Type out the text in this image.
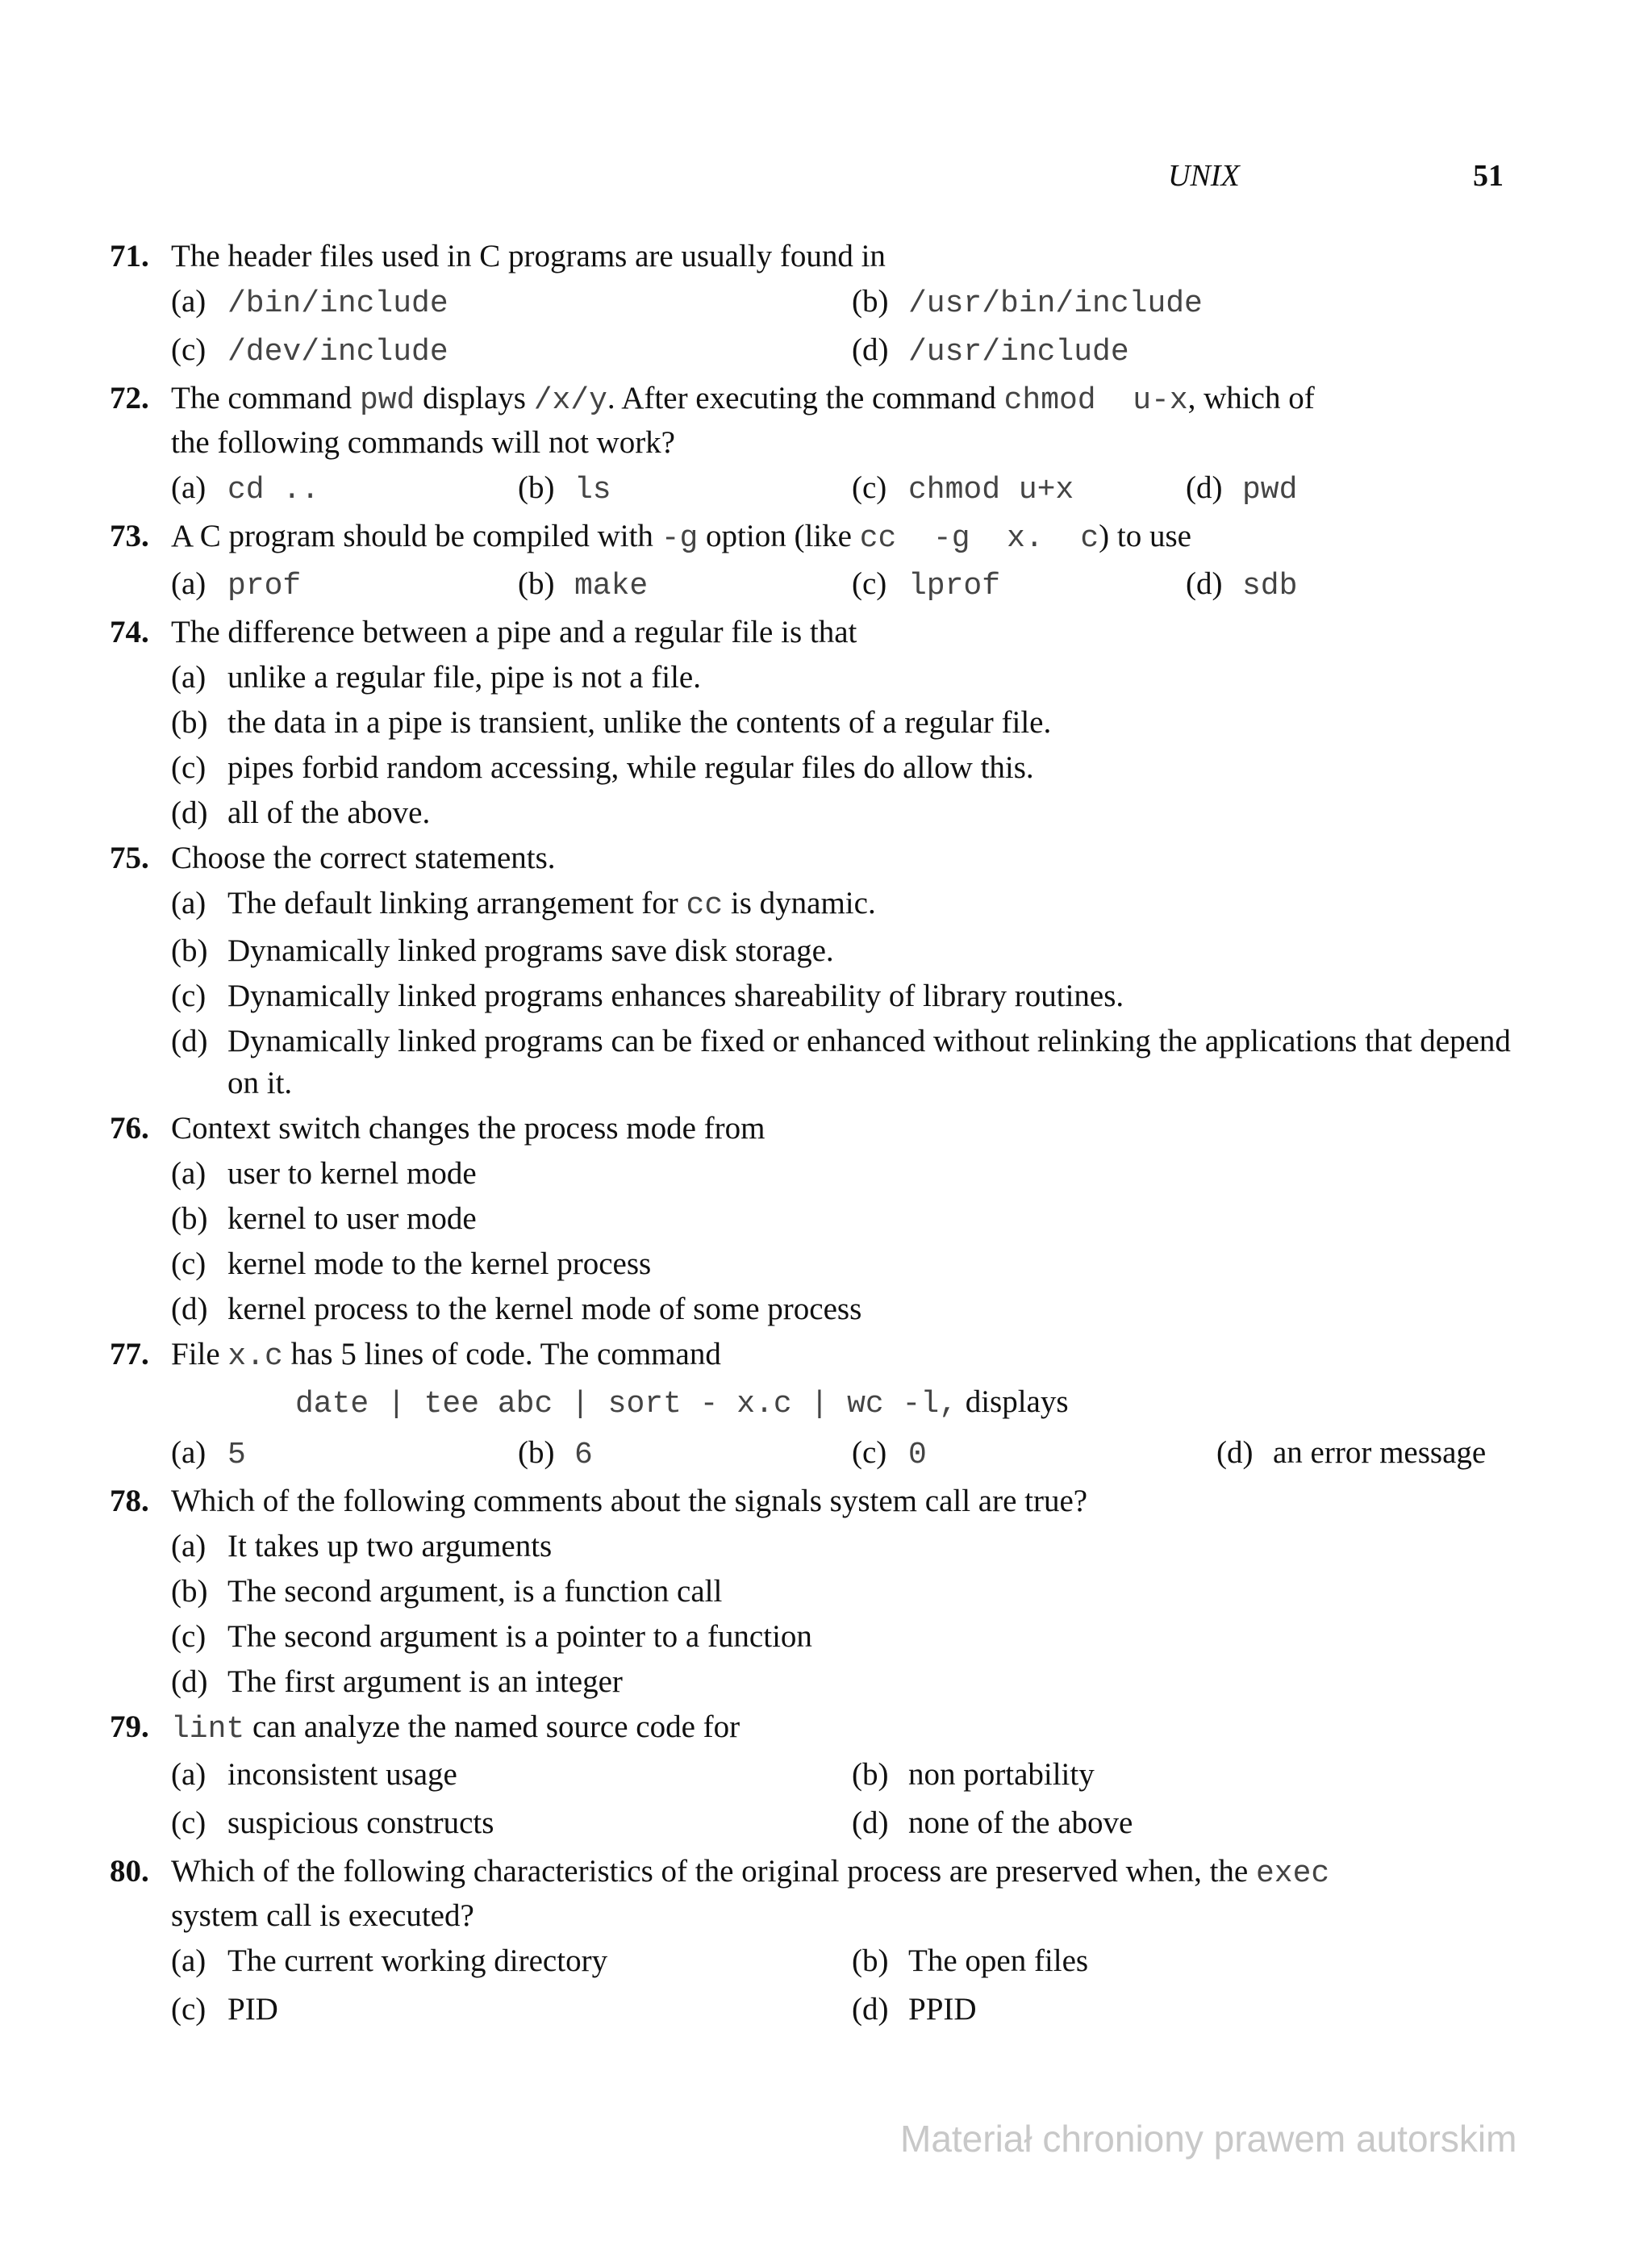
UNIX	51
71. The header files used in C programs are usually found in
(a) /bin/include	(b) /usr/bin/include
(c) /dev/include	(d) /usr/include
72. The command pwd displays /x/y. After executing the command chmod  u-x, which of
the following commands will not work?
(a) cd ..	(b) ls	(c) chmod u+x	(d) pwd
73. A C program should be compiled with -g option (like cc  -g  x.  c) to use
(a) prof	(b) make	(c) lprof	(d) sdb
74. The difference between a pipe and a regular file is that
(a) unlike a regular file, pipe is not a file.
(b) the data in a pipe is transient, unlike the contents of a regular file.
(c) pipes forbid random accessing, while regular files do allow this.
(d) all of the above.
75. Choose the correct statements.
(a) The default linking arrangement for cc is dynamic.
(b) Dynamically linked programs save disk storage.
(c) Dynamically linked programs enhances shareability of library routines.
(d) Dynamically linked programs can be fixed or enhanced without relinking the applications that depend on it.
76. Context switch changes the process mode from
(a) user to kernel mode
(b) kernel to user mode
(c) kernel mode to the kernel process
(d) kernel process to the kernel mode of some process
77. File x.c has 5 lines of code. The command
date | tee abc | sort - x.c | wc -l, displays
(a) 5	(b) 6	(c) 0	(d) an error message
78. Which of the following comments about the signals system call are true?
(a) It takes up two arguments
(b) The second argument, is a function call
(c) The second argument is a pointer to a function
(d) The first argument is an integer
79. lint can analyze the named source code for
(a) inconsistent usage	(b) non portability
(c) suspicious constructs	(d) none of the above
80. Which of the following characteristics of the original process are preserved when, the exec
system call is executed?
(a) The current working directory	(b) The open files
(c) PID	(d) PPID
Materiał chroniony prawem autorskim
